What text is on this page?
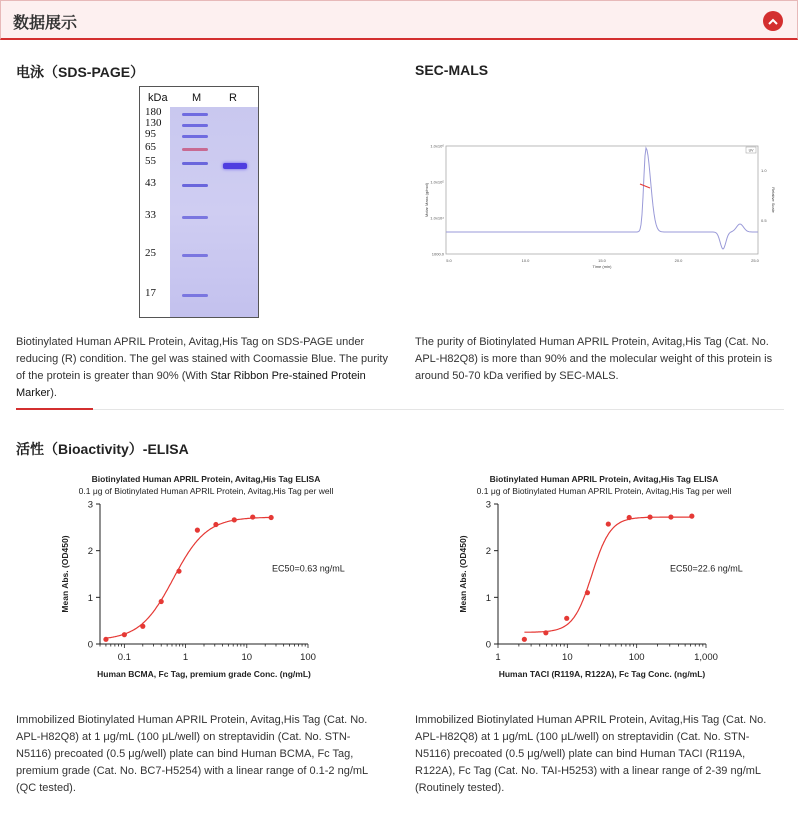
数据展示
电泳（SDS-PAGE）
kDa M	R
180
130
95
65
55
43
33
25
17
Biotinylated Human APRIL Protein, Avitag,His Tag on SDS-PAGE under reducing (R) condition. The gel was stained with Coomassie Blue. The purity of the protein is greater than 90% (With Star Ribbon Pre-stained Protein Marker).
SEC-MALS
5.0	10.0	15.0	20.0	25.0
1000.0
1.0x10⁴
1.0x10⁵
1.0x10⁶
0.5
1.0
Time (min)
Molar Mass (g/mol)	Relative Scale
UV
The purity of Biotinylated Human APRIL Protein, Avitag,His Tag (Cat. No. APL-H82Q8) is more than 90% and the molecular weight of this protein is around 50-70 kDa verified by SEC-MALS.
活性（Bioactivity）-ELISA
Biotinylated Human APRIL Protein, Avitag,His Tag ELISA
0.1 μg of Biotinylated Human APRIL Protein, Avitag,His Tag per well
0
1
2
3
0.1	1	10	100
Human BCMA, Fc Tag, premium grade Conc. (ng/mL)
Mean Abs. (OD450)	EC50=0.63 ng/mL
Biotinylated Human APRIL Protein, Avitag,His Tag ELISA
0.1 μg of Biotinylated Human APRIL Protein, Avitag,His Tag per well
0
1
2
3
1	10	100	1,000
Human TACI (R119A, R122A), Fc Tag Conc. (ng/mL)
Mean Abs. (OD450)	EC50=22.6 ng/mL
Immobilized Biotinylated Human APRIL Protein, Avitag,His Tag (Cat. No. APL-H82Q8) at 1 μg/mL (100 μL/well) on streptavidin (Cat. No. STN-N5116) precoated (0.5 μg/well) plate can bind Human BCMA, Fc Tag, premium grade (Cat. No. BC7-H5254) with a linear range of 0.1-2 ng/mL (QC tested).
Immobilized Biotinylated Human APRIL Protein, Avitag,His Tag (Cat. No. APL-H82Q8) at 1 μg/mL (100 μL/well) on streptavidin (Cat. No. STN-N5116) precoated (0.5 μg/well) plate can bind Human TACI (R119A, R122A), Fc Tag (Cat. No. TAI-H5253) with a linear range of 2-39 ng/mL (Routinely tested).
